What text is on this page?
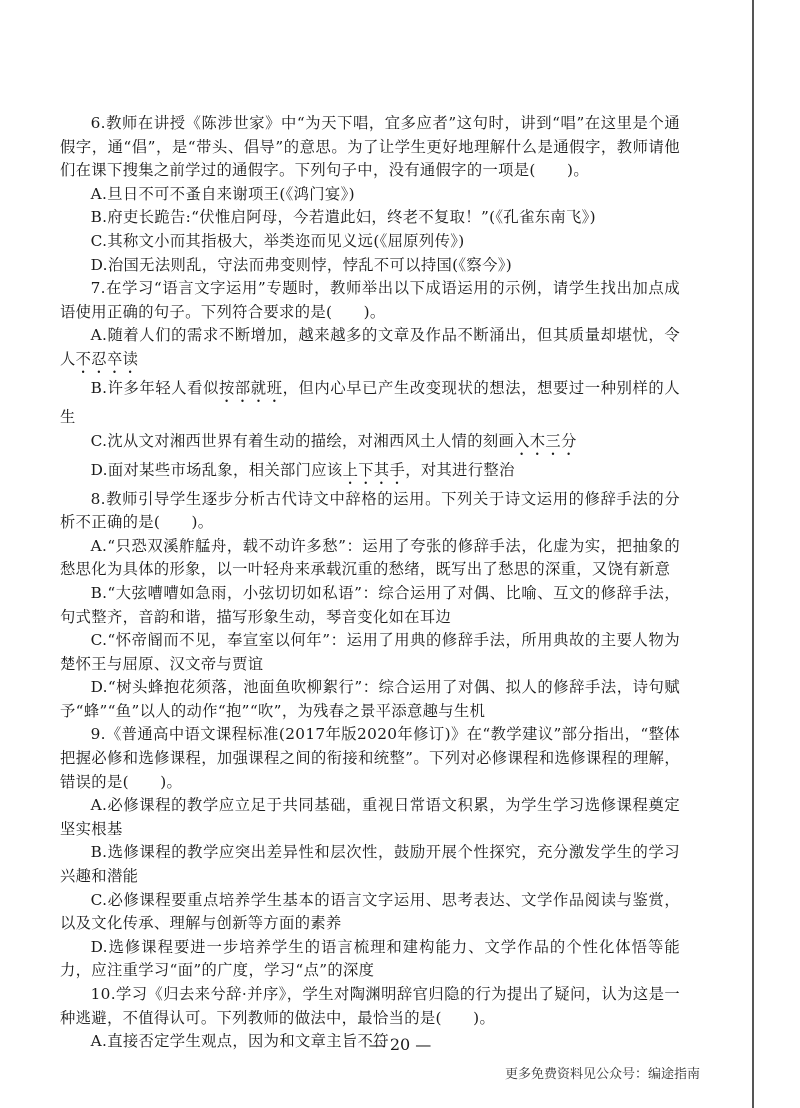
6.教师在讲授《陈涉世家》中“为天下唱，宜多应者”这句时，讲到“唱”在这里是个通假字，通“倡”，是“带头、倡导”的意思。为了让学生更好地理解什么是通假字，教师请他们在课下搜集之前学过的通假字。下列句子中，没有通假字的一项是(　　)。

A.旦日不可不蚤自来谢项王(《鸿门宴》)

B.府吏长跪告:“伏惟启阿母，今若遣此妇，终老不复取！”(《孔雀东南飞》)

C.其称文小而其指极大，举类迩而见义远(《屈原列传》)

D.治国无法则乱，守法而弗变则悖，悖乱不可以持国(《察今》)

7.在学习“语言文字运用”专题时，教师举出以下成语运用的示例，请学生找出加点成语使用正确的句子。下列符合要求的是(　　)。

A.随着人们的需求不断增加，越来越多的文章及作品不断涌出，但其质量却堪忧，令人不忍卒读

B.许多年轻人看似按部就班，但内心早已产生改变现状的想法，想要过一种别样的人生

C.沈从文对湘西世界有着生动的描绘，对湘西风土人情的刻画入木三分

D.面对某些市场乱象，相关部门应该上下其手，对其进行整治

8.教师引导学生逐步分析古代诗文中辞格的运用。下列关于诗文运用的修辞手法的分析不正确的是(　　)。

A.“只恐双溪舴艋舟，载不动许多愁”：运用了夸张的修辞手法，化虚为实，把抽象的愁思化为具体的形象，以一叶轻舟来承载沉重的愁绪，既写出了愁思的深重，又饶有新意

B.“大弦嘈嘈如急雨，小弦切切如私语”：综合运用了对偶、比喻、互文的修辞手法，句式整齐，音韵和谐，描写形象生动，琴音变化如在耳边

C.“怀帝阍而不见，奉宣室以何年”：运用了用典的修辞手法，所用典故的主要人物为楚怀王与屈原、汉文帝与贾谊

D.“树头蜂抱花须落，池面鱼吹柳絮行”：综合运用了对偶、拟人的修辞手法，诗句赋予“蜂”“鱼”以人的动作“抱”“吹”，为残春之景平添意趣与生机

9.《普通高中语文课程标准(2017年版2020年修订)》在“教学建议”部分指出，“整体把握必修和选修课程，加强课程之间的衔接和统整”。下列对必修课程和选修课程的理解，错误的是(　　)。

A.必修课程的教学应立足于共同基础，重视日常语文积累，为学生学习选修课程奠定坚实根基

B.选修课程的教学应突出差异性和层次性，鼓励开展个性探究，充分激发学生的学习兴趣和潜能

C.必修课程要重点培养学生基本的语言文字运用、思考表达、文学作品阅读与鉴赏，以及文化传承、理解与创新等方面的素养

D.选修课程要进一步培养学生的语言梳理和建构能力、文学作品的个性化体悟等能力，应注重学习“面”的广度，学习“点”的深度

10.学习《归去来兮辞·并序》，学生对陶渊明辞官归隐的行为提出了疑问，认为这是一种逃避，不值得认可。下列教师的做法中，最恰当的是(　　)。

A.直接否定学生观点，因为和文章主旨不符

— 20 —
更多免费资料见公众号：编途指南
